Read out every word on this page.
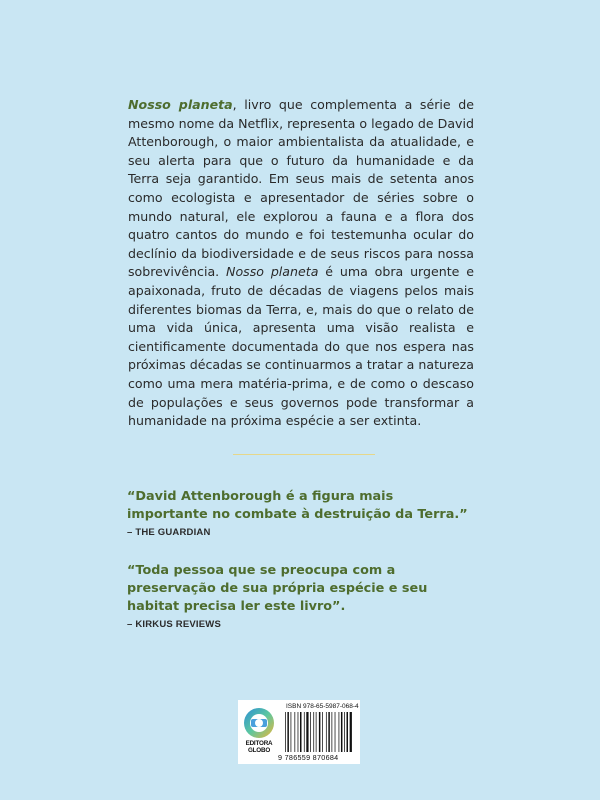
Nosso planeta, livro que complementa a série de mesmo nome da Netflix, representa o legado de David Attenborough, o maior ambientalista da atualidade, e seu alerta para que o futuro da humanidade e da Terra seja garantido. Em seus mais de setenta anos como ecologista e apresentador de séries sobre o mundo natural, ele explorou a fauna e a flora dos quatro cantos do mundo e foi testemunha ocular do declínio da biodiversidade e de seus riscos para nossa sobrevivência. Nosso planeta é uma obra urgente e apaixonada, fruto de décadas de viagens pelos mais diferentes biomas da Terra, e, mais do que o relato de uma vida única, apresenta uma visão realista e cientificamente documentada do que nos espera nas próximas décadas se continuarmos a tratar a natureza como uma mera matéria-prima, e de como o descaso de populações e seus governos pode transformar a humanidade na próxima espécie a ser extinta.
“David Attenborough é a figura mais importante no combate à destruição da Terra.”
– THE GUARDIAN
“Toda pessoa que se preocupa com a preservação de sua própria espécie e seu habitat precisa ler este livro”.
– KIRKUS REVIEWS
EDITORA
GLOBO
ISBN 978-65-5987-068-4
9 786559 870684
